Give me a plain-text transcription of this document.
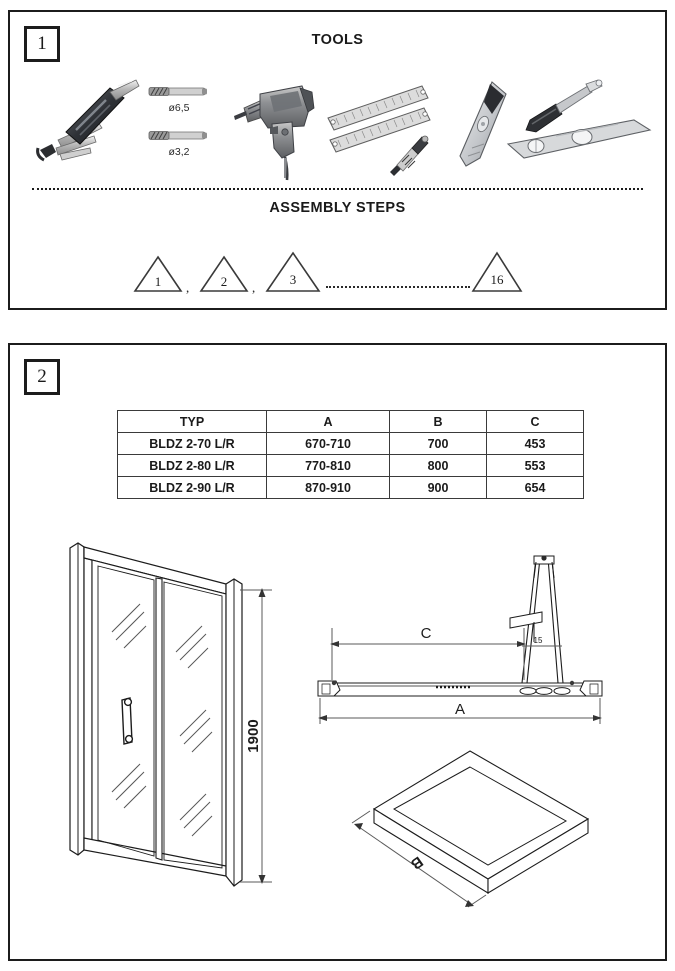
1	TOOLS
ø6,5
ø3,2
ASSEMBLY STEPS
1	,	2	,
3	16
2
TYP	A	B	C
BLDZ 2-70 L/R	670-710	700	453
BLDZ 2-80 L/R	770-810	800	553
BLDZ 2-90 L/R	870-910	900	654
1900
15
C
A
B
